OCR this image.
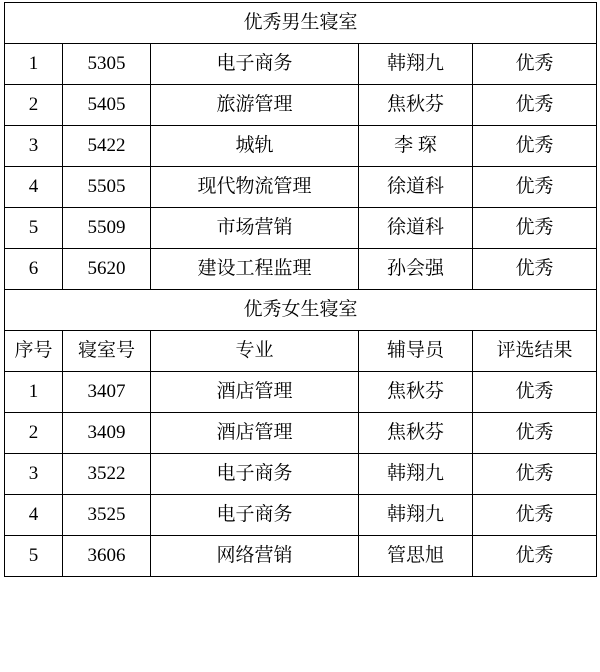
优秀男生寝室				
1	5305	电子商务	韩翔九	优秀
2	5405	旅游管理	焦秋芬	优秀
3	5422	城轨	李 琛	优秀
4	5505	现代物流管理	徐道科	优秀
5	5509	市场营销	徐道科	优秀
6	5620	建设工程监理	孙会强	优秀
优秀女生寝室				
序号	寝室号	专业	辅导员	评选结果
1	3407	酒店管理	焦秋芬	优秀
2	3409	酒店管理	焦秋芬	优秀
3	3522	电子商务	韩翔九	优秀
4	3525	电子商务	韩翔九	优秀
5	3606	网络营销	管思旭	优秀
